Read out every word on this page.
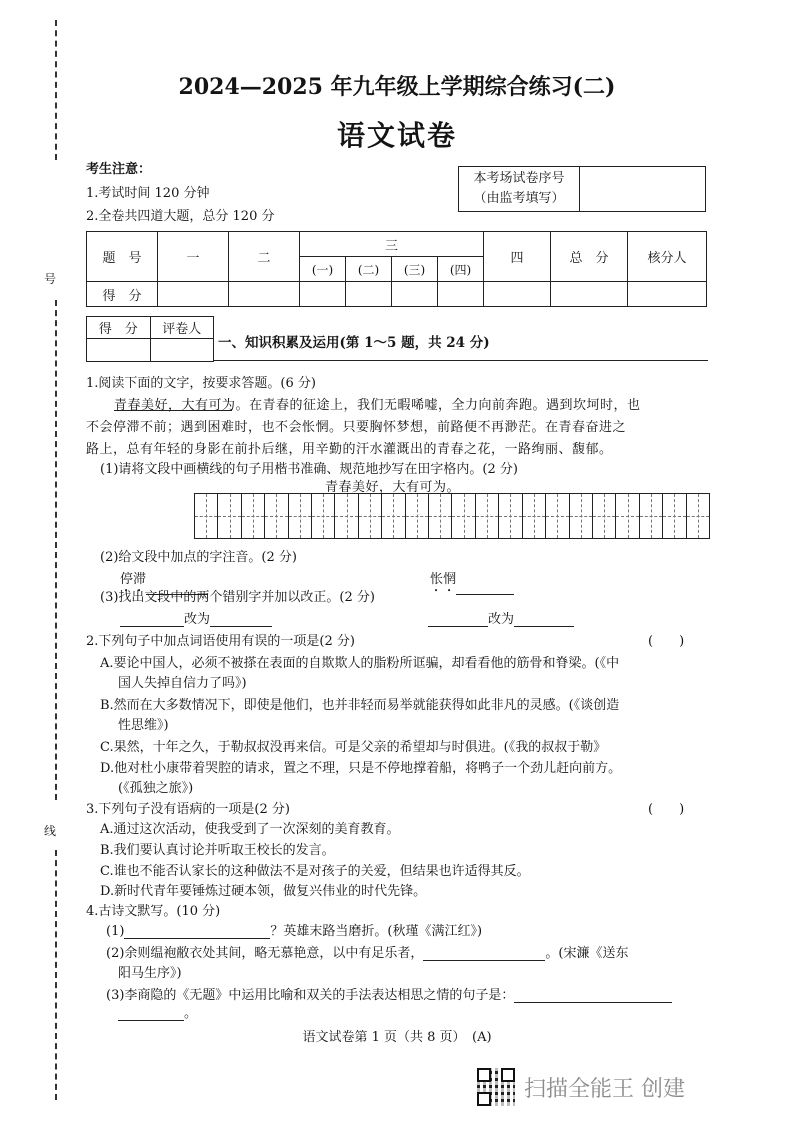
号
线
2024—2025 年九年级上学期综合练习(二)
语文试卷
考生注意：
1.考试时间 120 分钟
2.全卷共四道大题，总分 120 分
本考场试卷序号
（由监考填写）

题　号	一	二	三				四	总　分	核分人
			(一)	(二)	(三)	(四)			
得　分									
得　分	评卷人

一、知识积累及运用(第 1～5 题，共 24 分)
1.阅读下面的文字，按要求答题。(6 分)
青春美好，大有可为。在青春的征途上，我们无暇唏嘘，全力向前奔跑。遇到坎坷时，也
不会停滞不前；遇到困难时，也不会怅惘。只要胸怀梦想，前路便不再渺茫。在青春奋进之
路上，总有年轻的身影在前扑后继，用辛勤的汗水灌溉出的青春之花，一路绚丽、馥郁。
(1)请将文段中画横线的句子用楷书准确、规范地抄写在田字格内。(2 分)
青春美好，大有可为。
(2)给文段中加点的字注音。(2 分)
停滞	怅惘
(3)找出文段中的两个错别字并加以改正。(2 分)
改为	改为
2.下列句子中加点词语使用有误的一项是(2 分)	(　　)
A.要论中国人，必须不被搽在表面的自欺欺人的脂粉所诓骗，却看看他的筋骨和脊梁。(《中
国人失掉自信力了吗》)
B.然而在大多数情况下，即使是他们，也并非轻而易举就能获得如此非凡的灵感。(《谈创造
性思维》)
C.果然，十年之久，于勒叔叔没再来信。可是父亲的希望却与时俱进。(《我的叔叔于勒》
D.他对杜小康带着哭腔的请求，置之不理，只是不停地撑着船，将鸭子一个劲儿赶向前方。
(《孤独之旅》)
3.下列句子没有语病的一项是(2 分)	(　　)
A.通过这次活动，使我受到了一次深刻的美育教育。
B.我们要认真讨论并听取王校长的发言。
C.谁也不能否认家长的这种做法不是对孩子的关爱，但结果也许适得其反。
D.新时代青年要锤炼过硬本领，做复兴伟业的时代先锋。
4.古诗文默写。(10 分)
(1)	？英雄末路当磨折。(秋瑾《满江红》)
(2)余则缊袍敝衣处其间，略无慕艳意，以中有足乐者，	。(宋濂《送东
阳马生序》)
(3)李商隐的《无题》中运用比喻和双关的手法表达相思之情的句子是：
。
语文试卷第 1 页（共 8 页）　(A)
扫描全能王 创建
